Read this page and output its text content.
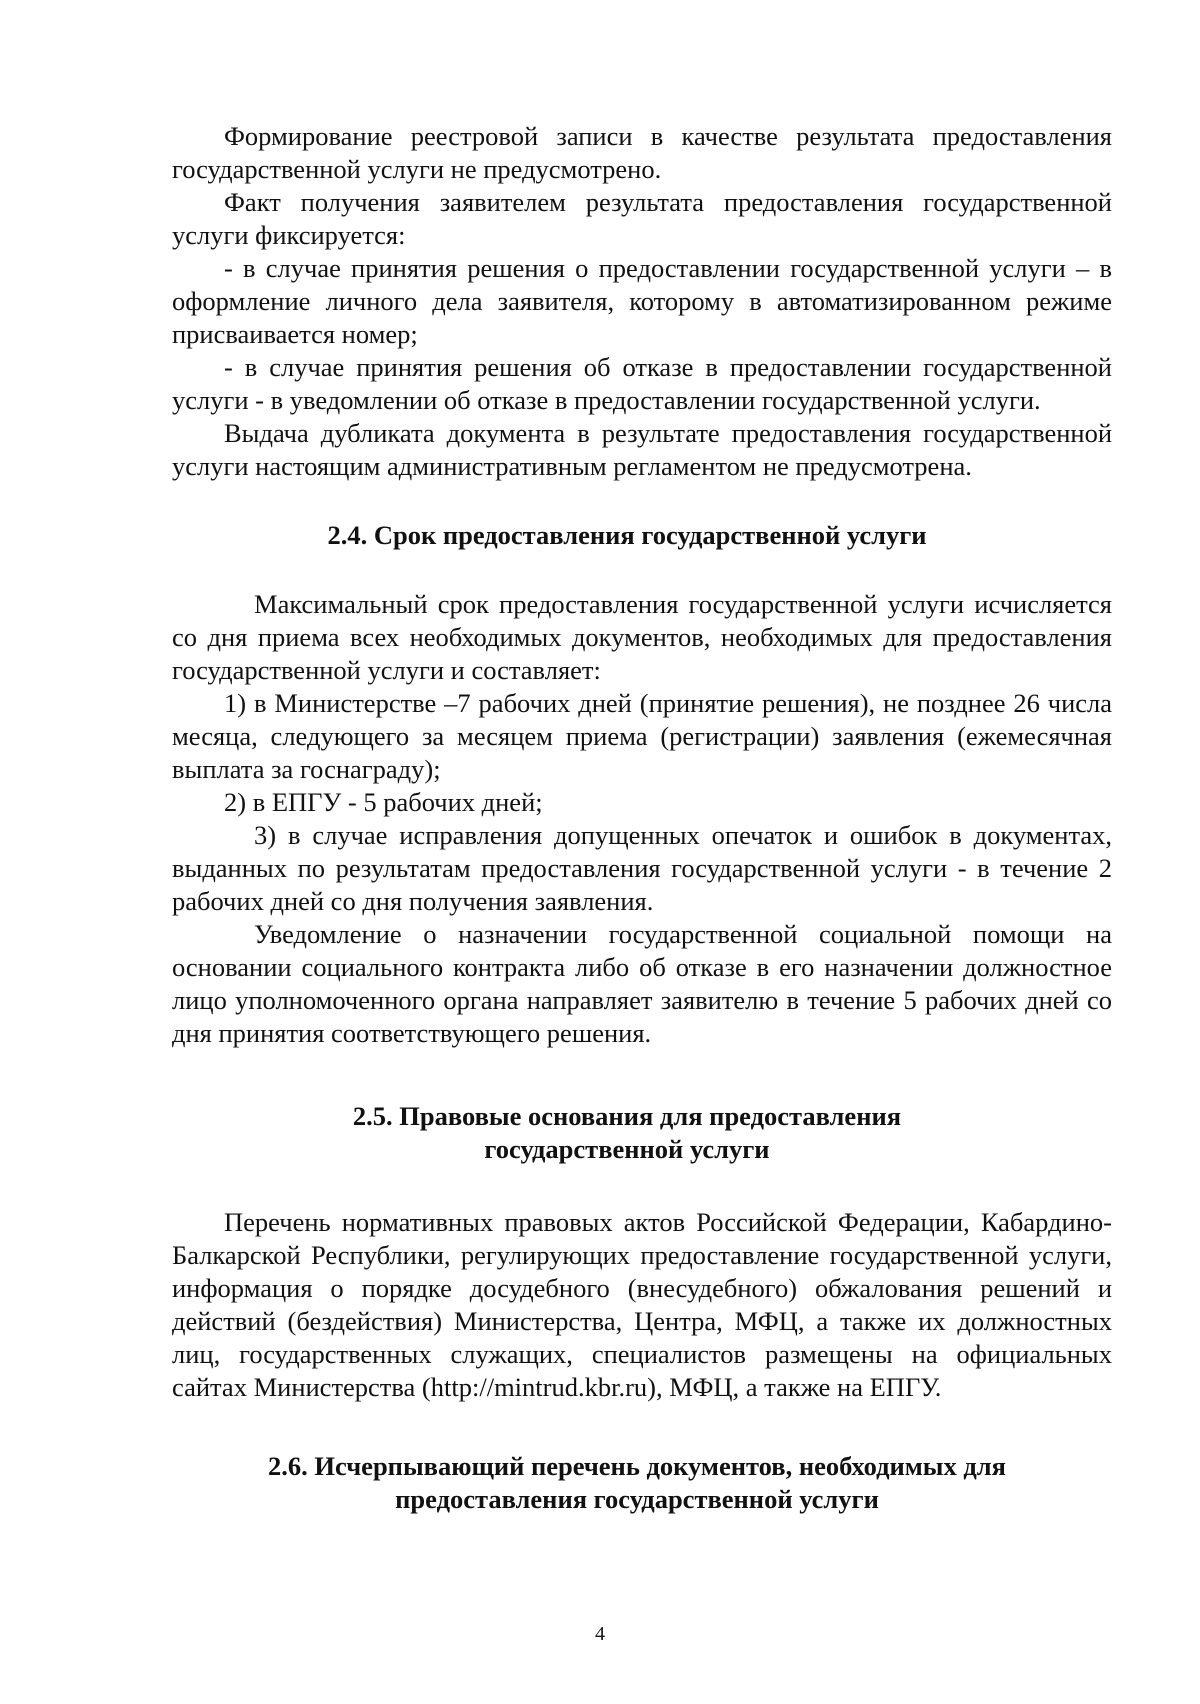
Формирование реестровой записи в качестве результата предоставления государственной услуги не предусмотрено.

Факт получения заявителем результата предоставления государственной услуги фиксируется:

- в случае принятия решения о предоставлении государственной услуги – в оформление личного дела заявителя, которому в автоматизированном режиме присваивается номер;

- в случае принятия решения об отказе в предоставлении государственной услуги - в уведомлении об отказе в предоставлении государственной услуги.

Выдача дубликата документа в результате предоставления государственной услуги настоящим административным регламентом не предусмотрена.

2.4. Срок предоставления государственной услуги

Максимальный срок предоставления государственной услуги исчисляется со дня приема всех необходимых документов, необходимых для предоставления государственной услуги и составляет:

1) в Министерстве –7 рабочих дней (принятие решения), не позднее 26 числа месяца, следующего за месяцем приема (регистрации) заявления (ежемесячная выплата за госнаграду);

2) в ЕПГУ - 5 рабочих дней;

3) в случае исправления допущенных опечаток и ошибок в документах, выданных по результатам предоставления государственной услуги - в течение 2 рабочих дней со дня получения заявления.

Уведомление о назначении государственной социальной помощи на основании социального контракта либо об отказе в его назначении должностное лицо уполномоченного органа направляет заявителю в течение 5 рабочих дней со дня принятия соответствующего решения.

2.5. Правовые основания для предоставления
государственной услуги

Перечень нормативных правовых актов Российской Федерации, Кабардино-Балкарской Республики, регулирующих предоставление государственной услуги, информация о порядке досудебного (внесудебного) обжалования решений и действий (бездействия) Министерства, Центра, МФЦ, а также их должностных лиц, государственных служащих, специалистов размещены на официальных сайтах Министерства (http://mintrud.kbr.ru), МФЦ, а также на ЕПГУ.

2.6. Исчерпывающий перечень документов, необходимых для
предоставления государственной услуги
4
